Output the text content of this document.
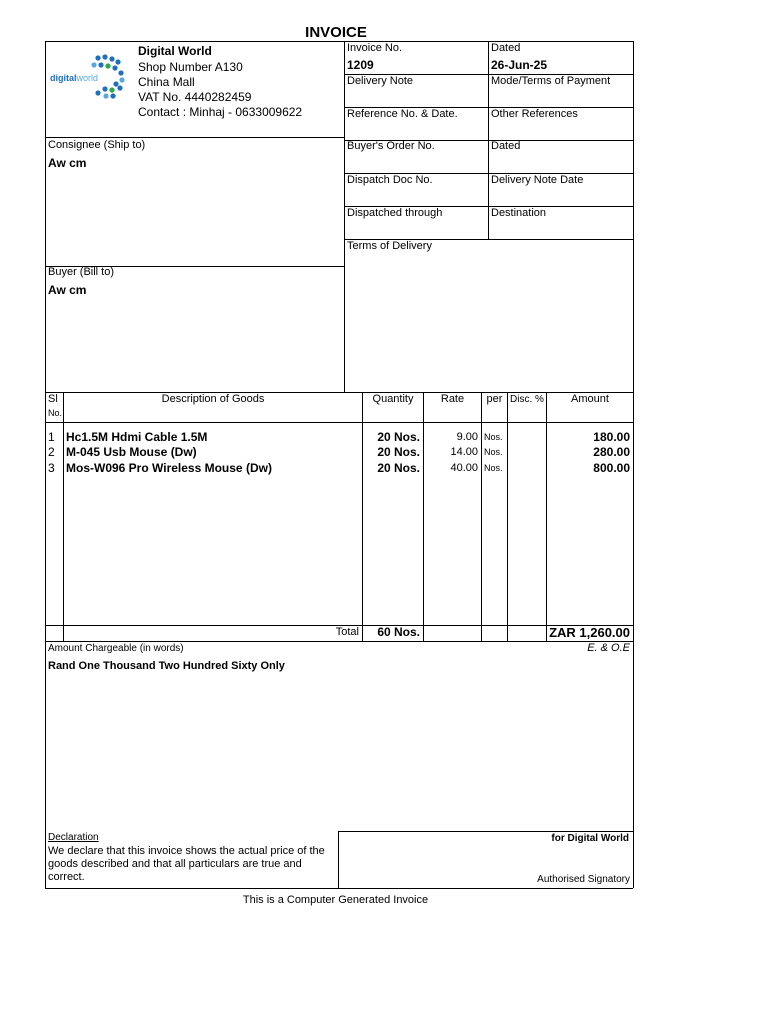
INVOICE
digitalworld
Digital World
Shop Number A130
China Mall
VAT No. 4440282459
Contact : Minhaj - 0633009622
Invoice No.
1209
Dated
26-Jun-25
Delivery Note	Mode/Terms of Payment
Reference No. & Date.	Other References
Buyer's Order No.	Dated
Dispatch Doc No.	Delivery Note Date
Dispatched through	Destination
Terms of Delivery
Consignee (Ship to)
Aw cm
Buyer (Bill to)
Aw cm
Sl
No.
Description of Goods	Quantity	Rate	per Disc. %	Amount
1 Hc1.5M Hdmi Cable 1.5M	20 Nos.	9.00 Nos.	180.00
2 M-045 Usb Mouse (Dw)	20 Nos.	14.00 Nos.	280.00
3 Mos-W096 Pro Wireless Mouse (Dw)	20 Nos.	40.00 Nos.	800.00
Total	60 Nos.	ZAR 1,260.00
Amount Chargeable (in words)	E. & O.E
Rand One Thousand Two Hundred Sixty Only
Declaration
We declare that this invoice shows the actual price of the
goods described and that all particulars are true and
correct.
for Digital World
Authorised Signatory
This is a Computer Generated Invoice
